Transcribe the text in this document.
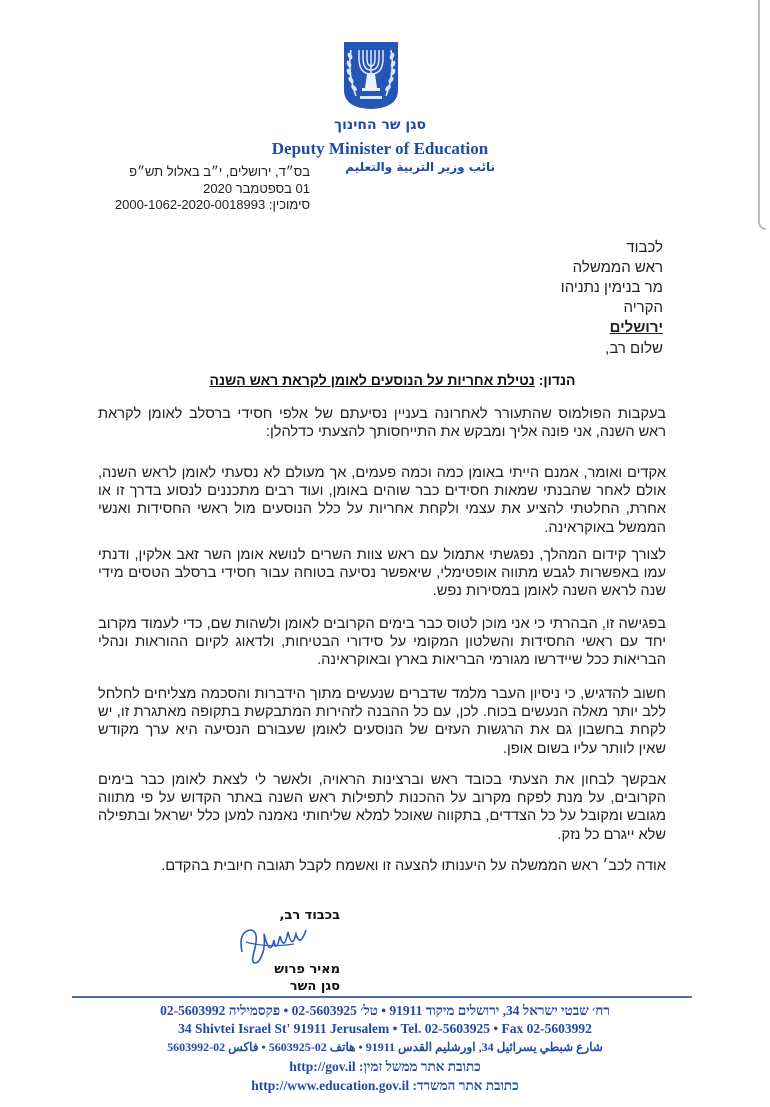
סגן שר החינוך
Deputy Minister of Education
نائب وزير التربية والتعليم
בס״ד, ירושלים, י״ב באלול תש״פ
01 בספטמבר 2020
סימוכין: 2000-1062-2020-0018993
לכבוד
ראש הממשלה
מר בנימין נתניהו
הקריה
ירושלים
שלום רב,
הנדון: נטילת אחריות על הנוסעים לאומן לקראת ראש השנה
בעקבות הפולמוס שהתעורר לאחרונה בעניין נסיעתם של אלפי חסידי ברסלב לאומן לקראת ראש השנה, אני פונה אליך ומבקש את התייחסותך להצעתי כדלהלן:
אקדים ואומר, אמנם הייתי באומן כמה וכמה פעמים, אך מעולם לא נסעתי לאומן לראש השנה, אולם לאחר שהבנתי שמאות חסידים כבר שוהים באומן, ועוד רבים מתכננים לנסוע בדרך זו או אחרת, החלטתי להציע את עצמי ולקחת אחריות על כלל הנוסעים מול ראשי החסידות ואנשי הממשל באוקראינה.
לצורך קידום המהלך, נפגשתי אתמול עם ראש צוות השרים לנושא אומן השר זאב אלקין, ודנתי עמו באפשרות לגבש מתווה אופטימלי, שיאפשר נסיעה בטוחה עבור חסידי ברסלב הטסים מידי שנה לראש השנה לאומן במסירות נפש.
בפגישה זו, הבהרתי כי אני מוכן לטוס כבר בימים הקרובים לאומן ולשהות שם, כדי לעמוד מקרוב יחד עם ראשי החסידות והשלטון המקומי על סידורי הבטיחות, ולדאוג לקיום ההוראות ונהלי הבריאות ככל שיידרשו מגורמי הבריאות בארץ ובאוקראינה.
חשוב להדגיש, כי ניסיון העבר מלמד שדברים שנעשים מתוך הידברות והסכמה מצליחים לחלחל ללב יותר מאלה הנעשים בכוח. לכן, עם כל ההבנה לזהירות המתבקשת בתקופה מאתגרת זו, יש לקחת בחשבון גם את הרגשות העזים של הנוסעים לאומן שעבורם הנסיעה היא ערך מקודש שאין לוותר עליו בשום אופן.
אבקשך לבחון את הצעתי בכובד ראש וברצינות הראויה, ולאשר לי לצאת לאומן כבר בימים הקרובים, על מנת לפקח מקרוב על ההכנות לתפילות ראש השנה באתר הקדוש על פי מתווה מגובש ומקובל על כל הצדדים, בתקווה שאוכל למלא שליחותי נאמנה למען כלל ישראל ובתפילה שלא ייגרם כל נזק.
אודה לכב׳ ראש הממשלה על היענותו להצעה זו ואשמח לקבל תגובה חיובית בהקדם.
בכבוד רב,
מאיר פרוש
סגן השר
רח׳ שבטי ישראל 34, ירושלים מיקוד 91911 • טל׳ 02-5603925 • פקסמיליה 02-5603992
34 Shivtei Israel St' 91911 Jerusalem • Tel. 02-5603925 • Fax 02-5603992
شارع شبطي يسرائيل 34, اورشليم القدس 91911 • هاتف 02-5603925 • فاكس 02-5603992
כתובת אתר ממשל זמין: http://gov.il
כתובת אתר המשרד: http://www.education.gov.il
